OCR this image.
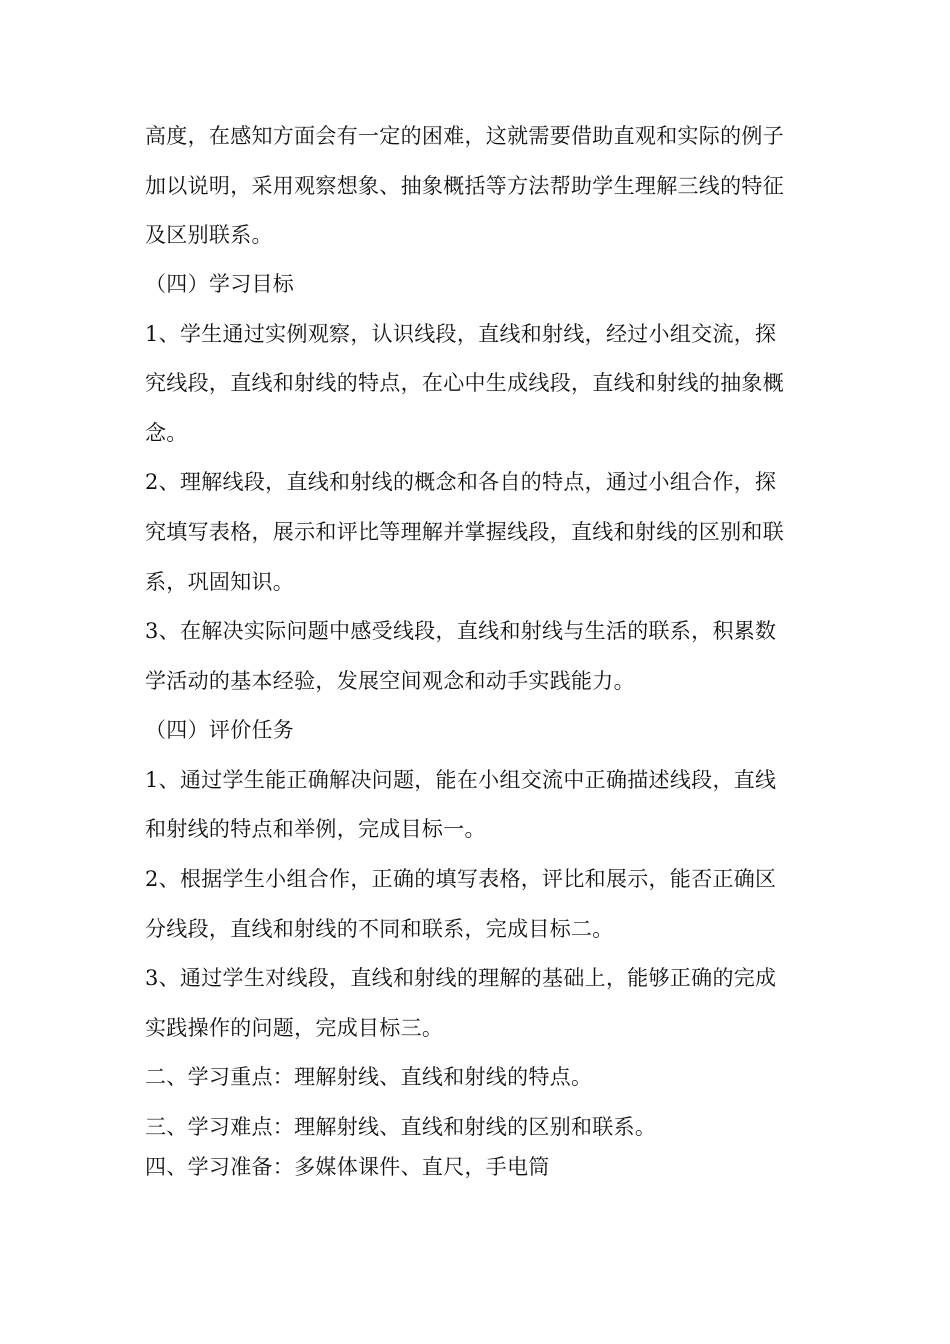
高度，在感知方面会有一定的困难，这就需要借助直观和实际的例子
加以说明，采用观察想象、抽象概括等方法帮助学生理解三线的特征
及区别联系。
（四）学习目标
1、学生通过实例观察，认识线段，直线和射线，经过小组交流，探
究线段，直线和射线的特点，在心中生成线段，直线和射线的抽象概
念。
2、理解线段，直线和射线的概念和各自的特点，通过小组合作，探
究填写表格，展示和评比等理解并掌握线段，直线和射线的区别和联
系，巩固知识。
3、在解决实际问题中感受线段，直线和射线与生活的联系，积累数
学活动的基本经验，发展空间观念和动手实践能力。
（四）评价任务
1、通过学生能正确解决问题，能在小组交流中正确描述线段，直线
和射线的特点和举例，完成目标一。
2、根据学生小组合作，正确的填写表格，评比和展示，能否正确区
分线段，直线和射线的不同和联系，完成目标二。
3、通过学生对线段，直线和射线的理解的基础上，能够正确的完成
实践操作的问题，完成目标三。
二、学习重点：理解射线、直线和射线的特点。
三、学习难点：理解射线、直线和射线的区别和联系。
四、学习准备：多媒体课件、直尺，手电筒
